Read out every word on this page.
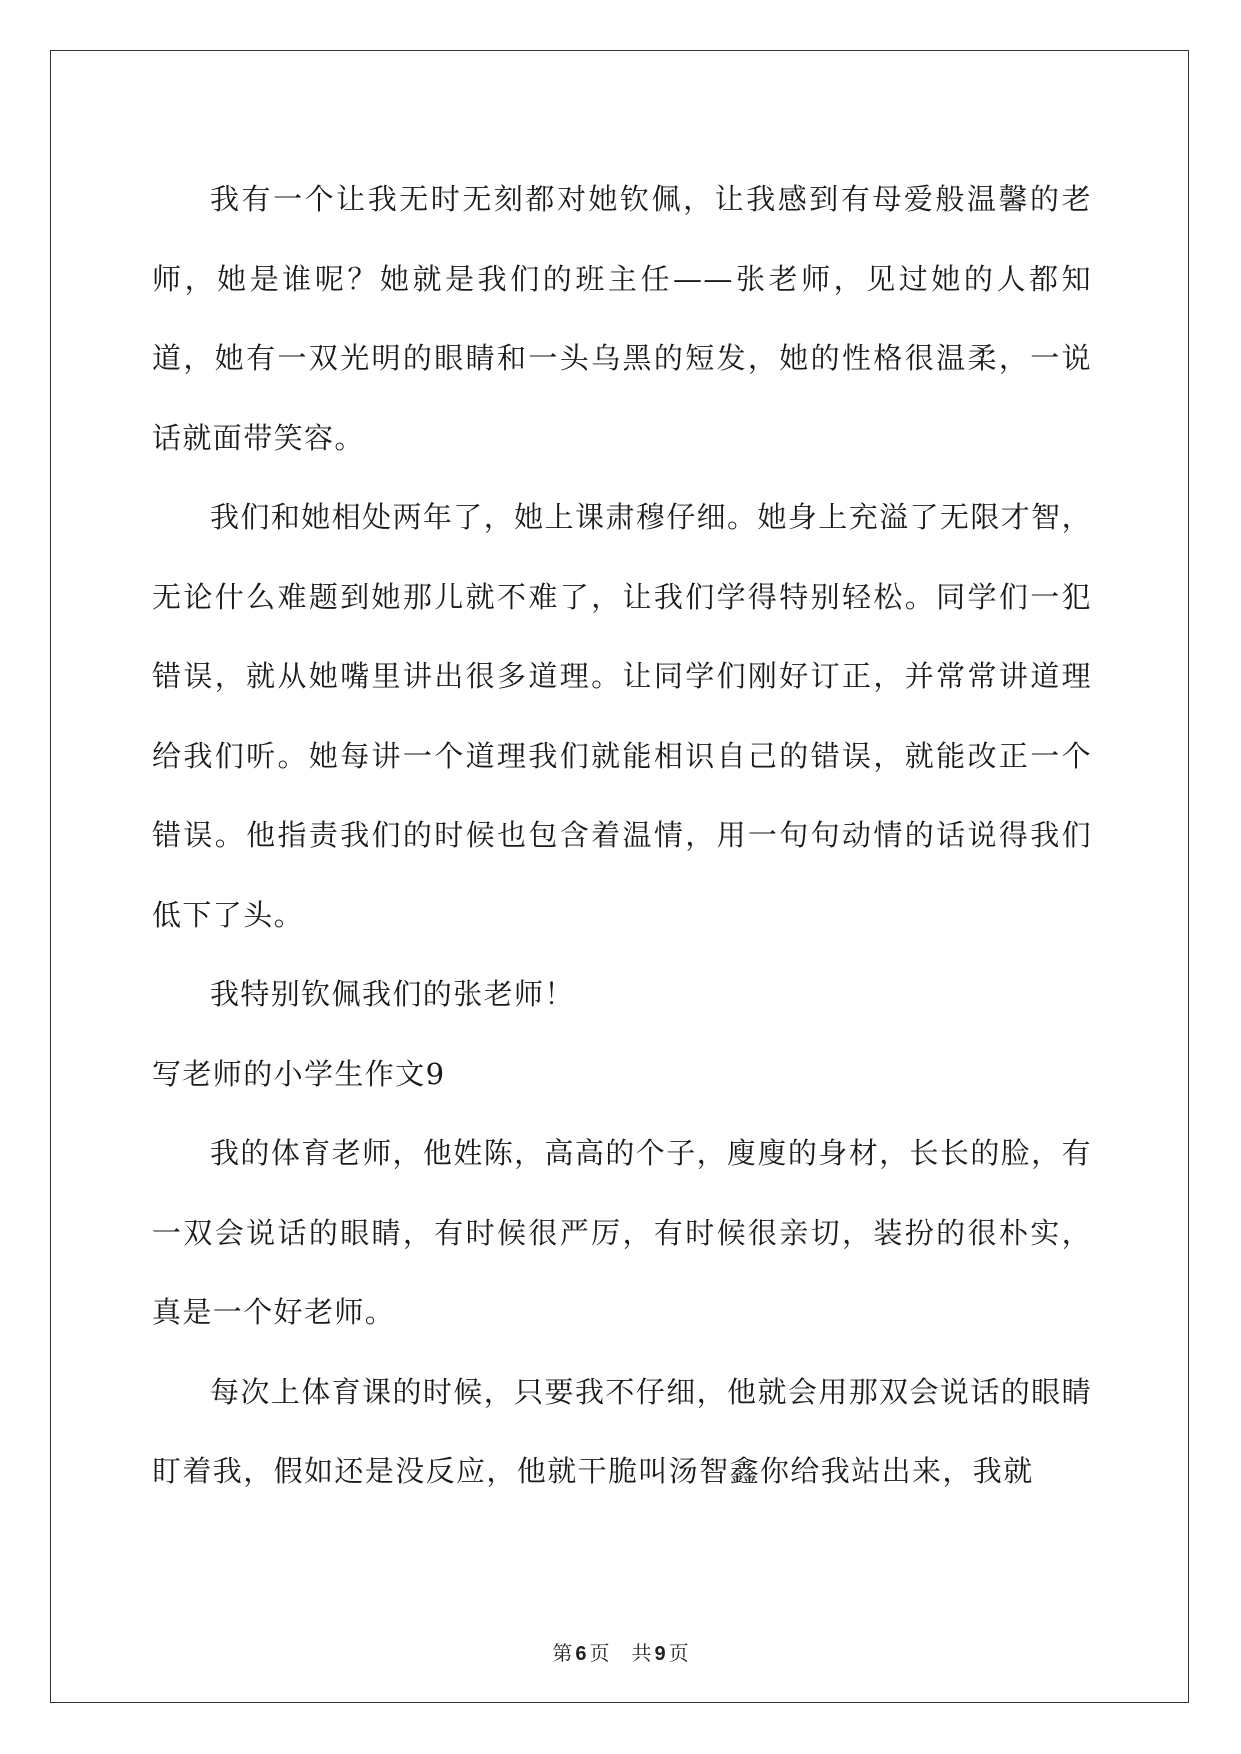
我有一个让我无时无刻都对她钦佩，让我感到有母爱般温馨的老师，她是谁呢？她就是我们的班主任——张老师，见过她的人都知道，她有一双光明的眼睛和一头乌黑的短发，她的性格很温柔，一说话就面带笑容。

我们和她相处两年了，她上课肃穆仔细。她身上充溢了无限才智，无论什么难题到她那儿就不难了，让我们学得特别轻松。同学们一犯错误，就从她嘴里讲出很多道理。让同学们刚好订正，并常常讲道理给我们听。她每讲一个道理我们就能相识自己的错误，就能改正一个错误。他指责我们的时候也包含着温情，用一句句动情的话说得我们低下了头。

我特别钦佩我们的张老师！

写老师的小学生作文9

我的体育老师，他姓陈，高高的个子，廋廋的身材，长长的脸，有一双会说话的眼睛，有时候很严厉，有时候很亲切，装扮的很朴实，真是一个好老师。

每次上体育课的时候，只要我不仔细，他就会用那双会说话的眼睛盯着我，假如还是没反应，他就干脆叫汤智鑫你给我站出来，我就

第 6 页 共 9 页
